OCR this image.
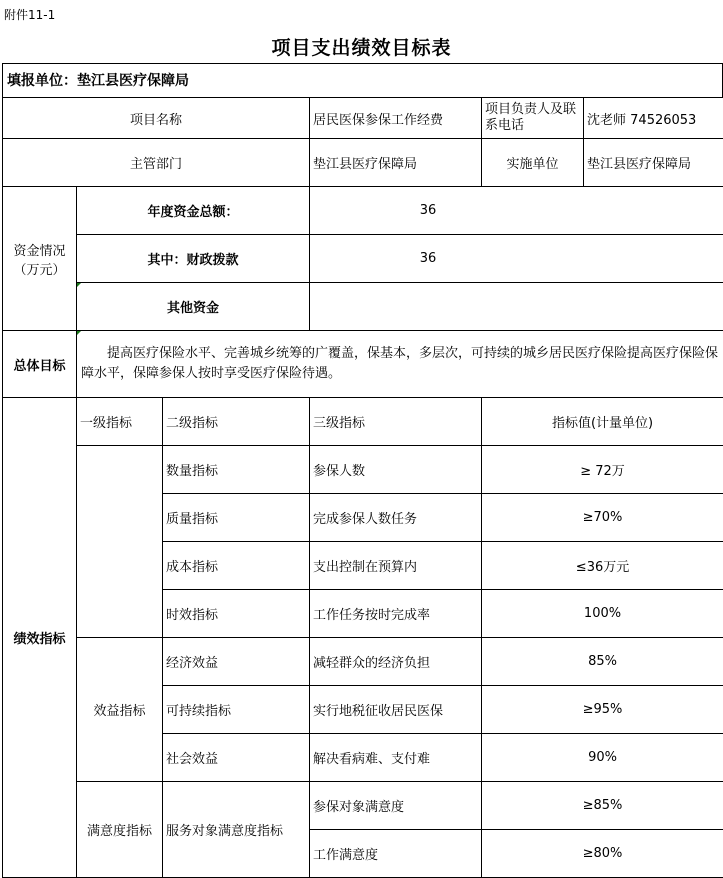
附件11-1
项目支出绩效目标表
填报单位：垫江县医疗保障局
项目名称			居民医保参保工作经费	项目负责人及联系电话	沈老师 74526053
主管部门			垫江县医疗保障局	实施单位	垫江县医疗保障局
资金情况（万元）	年度资金总额：		36		
	其中：财政拨款		36		
	其他资金				
总体目标	提高医疗保险水平、完善城乡统筹的广覆盖，保基本，多层次，可持续的城乡居民医疗保险提高医疗保险保障水平，保障参保人按时享受医疗保险待遇。				
绩效指标	一级指标	二级指标	三级指标	指标值(计量单位)	
		数量指标	参保人数	≥ 72万	
		质量指标	完成参保人数任务	≥70%	
		成本指标	支出控制在预算内	≤36万元	
		时效指标	工作任务按时完成率	100%	
	效益指标	经济效益	减轻群众的经济负担	85%	
		可持续指标	实行地税征收居民医保	≥95%	
		社会效益	解决看病难、支付难	90%	
	满意度指标	服务对象满意度指标	参保对象满意度	≥85%	
			工作满意度	≥80%	
